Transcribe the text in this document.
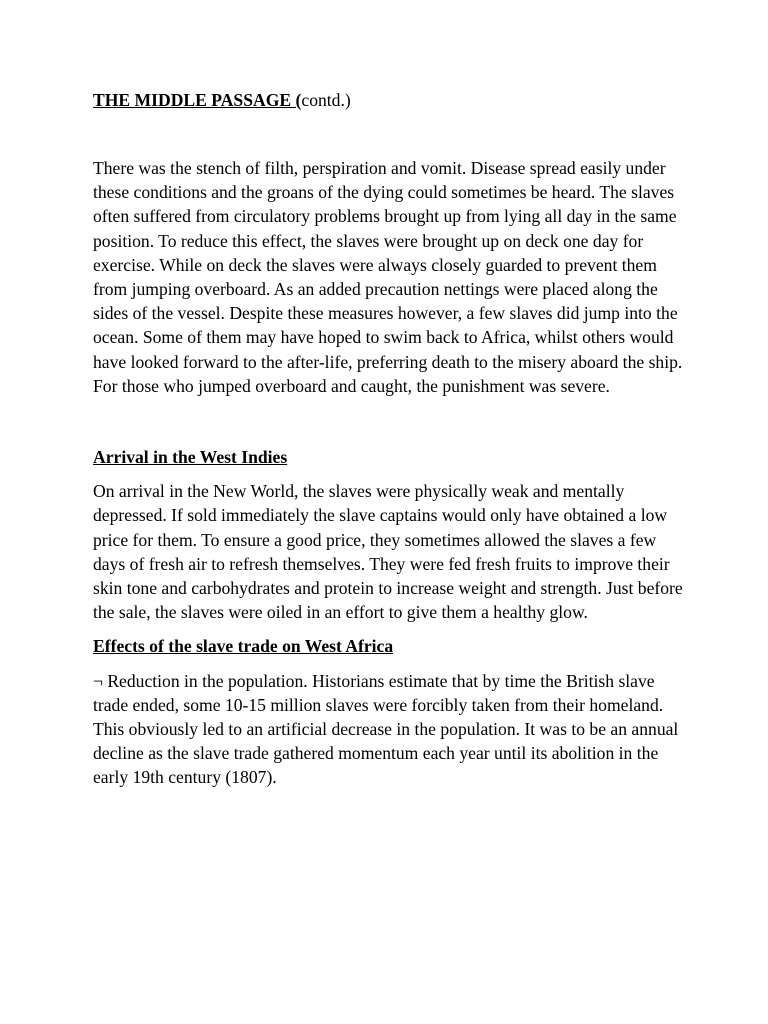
THE MIDDLE PASSAGE (contd.)

There was the stench of filth, perspiration and vomit. Disease spread easily under these conditions and the groans of the dying could sometimes be heard. The slaves often suffered from circulatory problems brought up from lying all day in the same position. To reduce this effect, the slaves were brought up on deck one day for exercise. While on deck the slaves were always closely guarded to prevent them from jumping overboard. As an added precaution nettings were placed along the sides of the vessel. Despite these measures however, a few slaves did jump into the ocean. Some of them may have hoped to swim back to Africa, whilst others would have looked forward to the after-life, preferring death to the misery aboard the ship. For those who jumped overboard and caught, the punishment was severe.

Arrival in the West Indies

On arrival in the New World, the slaves were physically weak and mentally depressed. If sold immediately the slave captains would only have obtained a low price for them. To ensure a good price, they sometimes allowed the slaves a few days of fresh air to refresh themselves. They were fed fresh fruits to improve their skin tone and carbohydrates and protein to increase weight and strength. Just before the sale, the slaves were oiled in an effort to give them a healthy glow.

Effects of the slave trade on West Africa

¬ Reduction in the population. Historians estimate that by time the British slave trade ended, some 10-15 million slaves were forcibly taken from their homeland. This obviously led to an artificial decrease in the population. It was to be an annual decline as the slave trade gathered momentum each year until its abolition in the early 19th century (1807).
